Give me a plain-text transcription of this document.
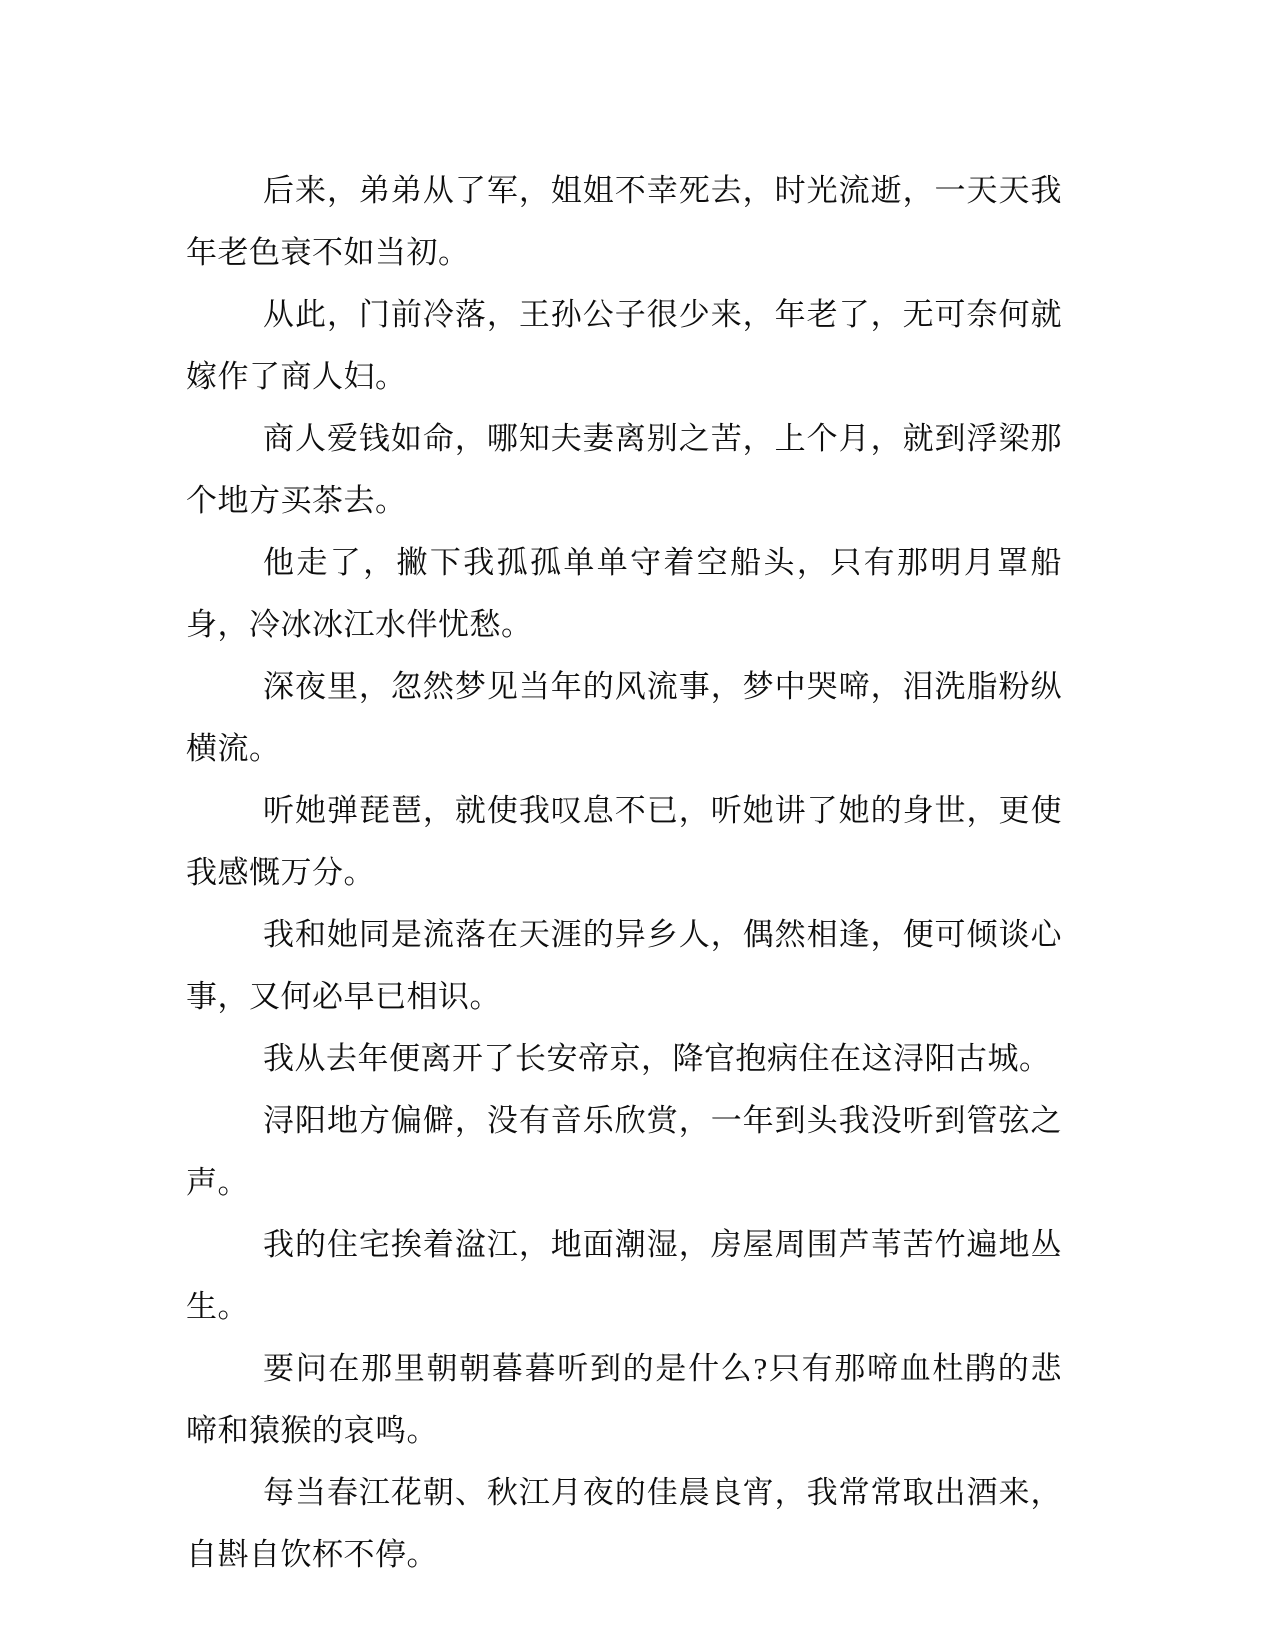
后来，弟弟从了军，姐姐不幸死去，时光流逝，一天天我年老色衰不如当初。

从此，门前冷落，王孙公子很少来，年老了，无可奈何就嫁作了商人妇。

商人爱钱如命，哪知夫妻离别之苦，上个月，就到浮梁那个地方买茶去。

他走了，撇下我孤孤单单守着空船头，只有那明月罩船身，冷冰冰江水伴忧愁。

深夜里，忽然梦见当年的风流事，梦中哭啼，泪洗脂粉纵横流。

听她弹琵琶，就使我叹息不已，听她讲了她的身世，更使我感慨万分。

我和她同是流落在天涯的异乡人，偶然相逢，便可倾谈心事，又何必早已相识。

我从去年便离开了长安帝京，降官抱病住在这浔阳古城。

浔阳地方偏僻，没有音乐欣赏，一年到头我没听到管弦之声。

我的住宅挨着湓江，地面潮湿，房屋周围芦苇苦竹遍地丛生。

要问在那里朝朝暮暮听到的是什么?只有那啼血杜鹃的悲啼和猿猴的哀鸣。

每当春江花朝、秋江月夜的佳晨良宵，我常常取出酒来，自斟自饮杯不停。
